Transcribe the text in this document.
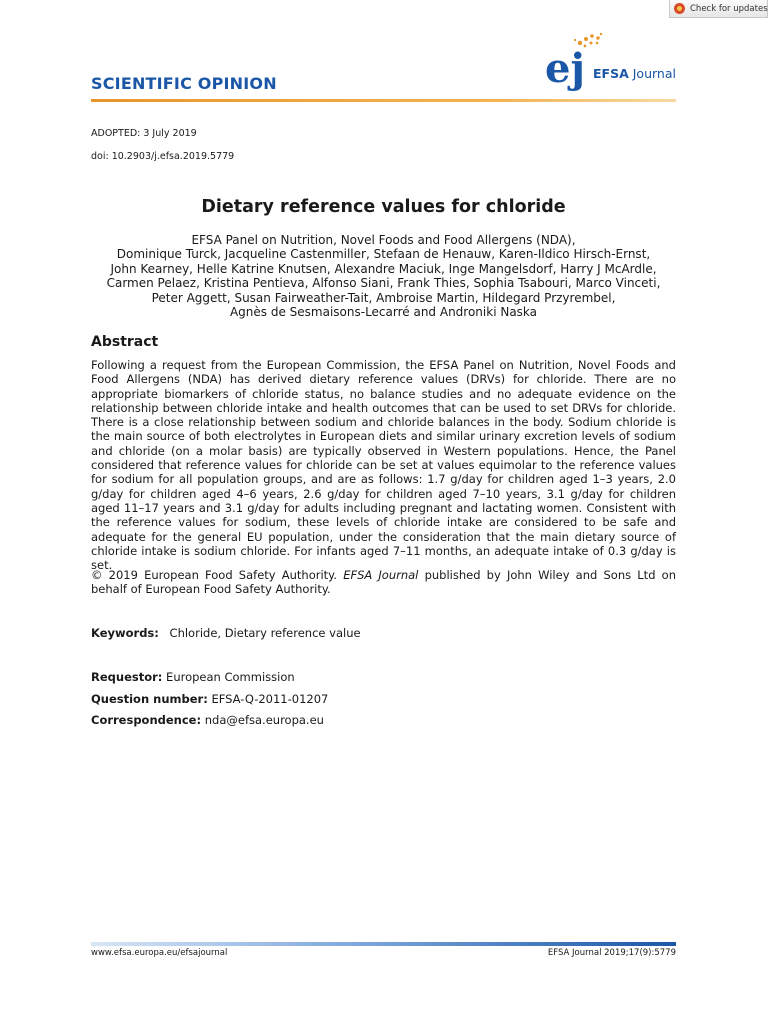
Check for updates
SCIENTIFIC OPINION	ej EFSA Journal
ADOPTED: 3 July 2019
doi: 10.2903/j.efsa.2019.5779
Dietary reference values for chloride
EFSA Panel on Nutrition, Novel Foods and Food Allergens (NDA),
Dominique Turck, Jacqueline Castenmiller, Stefaan de Henauw, Karen-Ildico Hirsch-Ernst,
John Kearney, Helle Katrine Knutsen, Alexandre Maciuk, Inge Mangelsdorf, Harry J McArdle,
Carmen Pelaez, Kristina Pentieva, Alfonso Siani, Frank Thies, Sophia Tsabouri, Marco Vinceti,
Peter Aggett, Susan Fairweather-Tait, Ambroise Martin, Hildegard Przyrembel,
Agnès de Sesmaisons-Lecarré and Androniki Naska
Abstract
Following a request from the European Commission, the EFSA Panel on Nutrition, Novel Foods and Food Allergens (NDA) has derived dietary reference values (DRVs) for chloride. There are no appropriate biomarkers of chloride status, no balance studies and no adequate evidence on the relationship between chloride intake and health outcomes that can be used to set DRVs for chloride. There is a close relationship between sodium and chloride balances in the body. Sodium chloride is the main source of both electrolytes in European diets and similar urinary excretion levels of sodium and chloride (on a molar basis) are typically observed in Western populations. Hence, the Panel considered that reference values for chloride can be set at values equimolar to the reference values for sodium for all population groups, and are as follows: 1.7 g/day for children aged 1–3 years, 2.0 g/day for children aged 4–6 years, 2.6 g/day for children aged 7–10 years, 3.1 g/day for children aged 11–17 years and 3.1 g/day for adults including pregnant and lactating women. Consistent with the reference values for sodium, these levels of chloride intake are considered to be safe and adequate for the general EU population, under the consideration that the main dietary source of chloride intake is sodium chloride. For infants aged 7–11 months, an adequate intake of 0.3 g/day is set.
© 2019 European Food Safety Authority. EFSA Journal published by John Wiley and Sons Ltd on behalf of European Food Safety Authority.
Keywords: Chloride, Dietary reference value
Requestor: European Commission
Question number: EFSA-Q-2011-01207
Correspondence: nda@efsa.europa.eu
www.efsa.europa.eu/efsajournal	EFSA Journal 2019;17(9):5779
